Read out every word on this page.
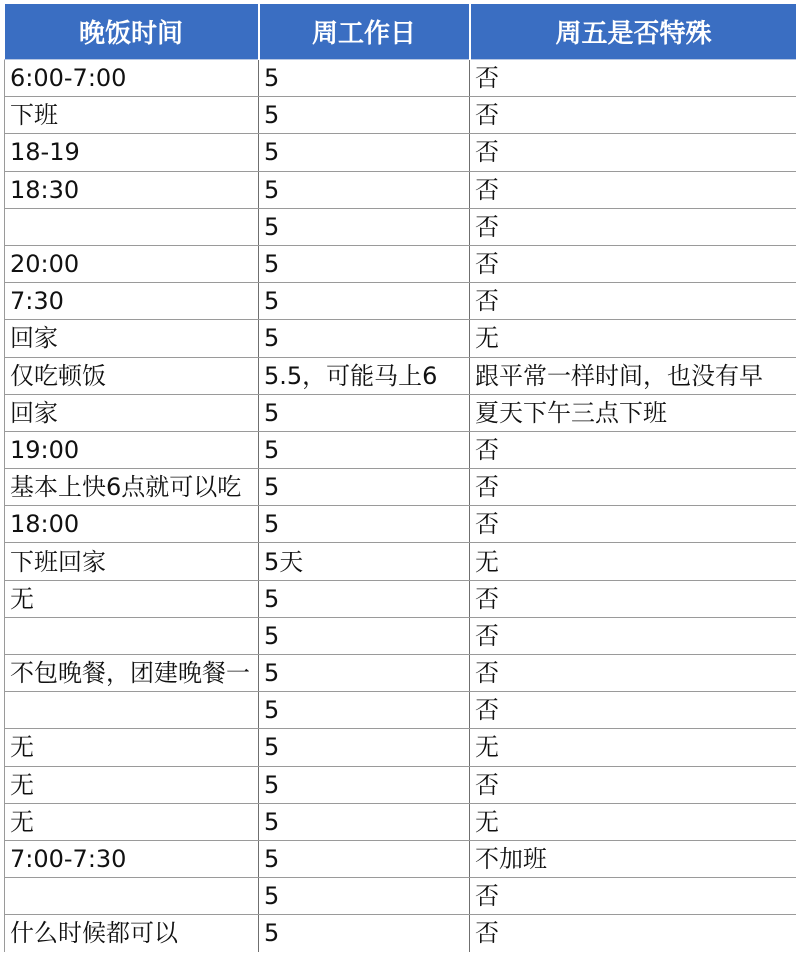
晚饭时间	周工作日	周五是否特殊
6:00-7:00	5	否
下班	5	否
18-19	5	否
18:30	5	否
	5	否
20:00	5	否
7:30	5	否
回家	5	无
仅吃顿饭	5.5，可能马上6	跟平常一样时间，也没有早
回家	5	夏天下午三点下班
19:00	5	否
基本上快6点就可以吃	5	否
18:00	5	否
下班回家	5天	无
无	5	否
	5	否
不包晚餐，团建晚餐一	5	否
	5	否
无	5	无
无	5	否
无	5	无
7:00-7:30	5	不加班
	5	否
什么时候都可以	5	否
